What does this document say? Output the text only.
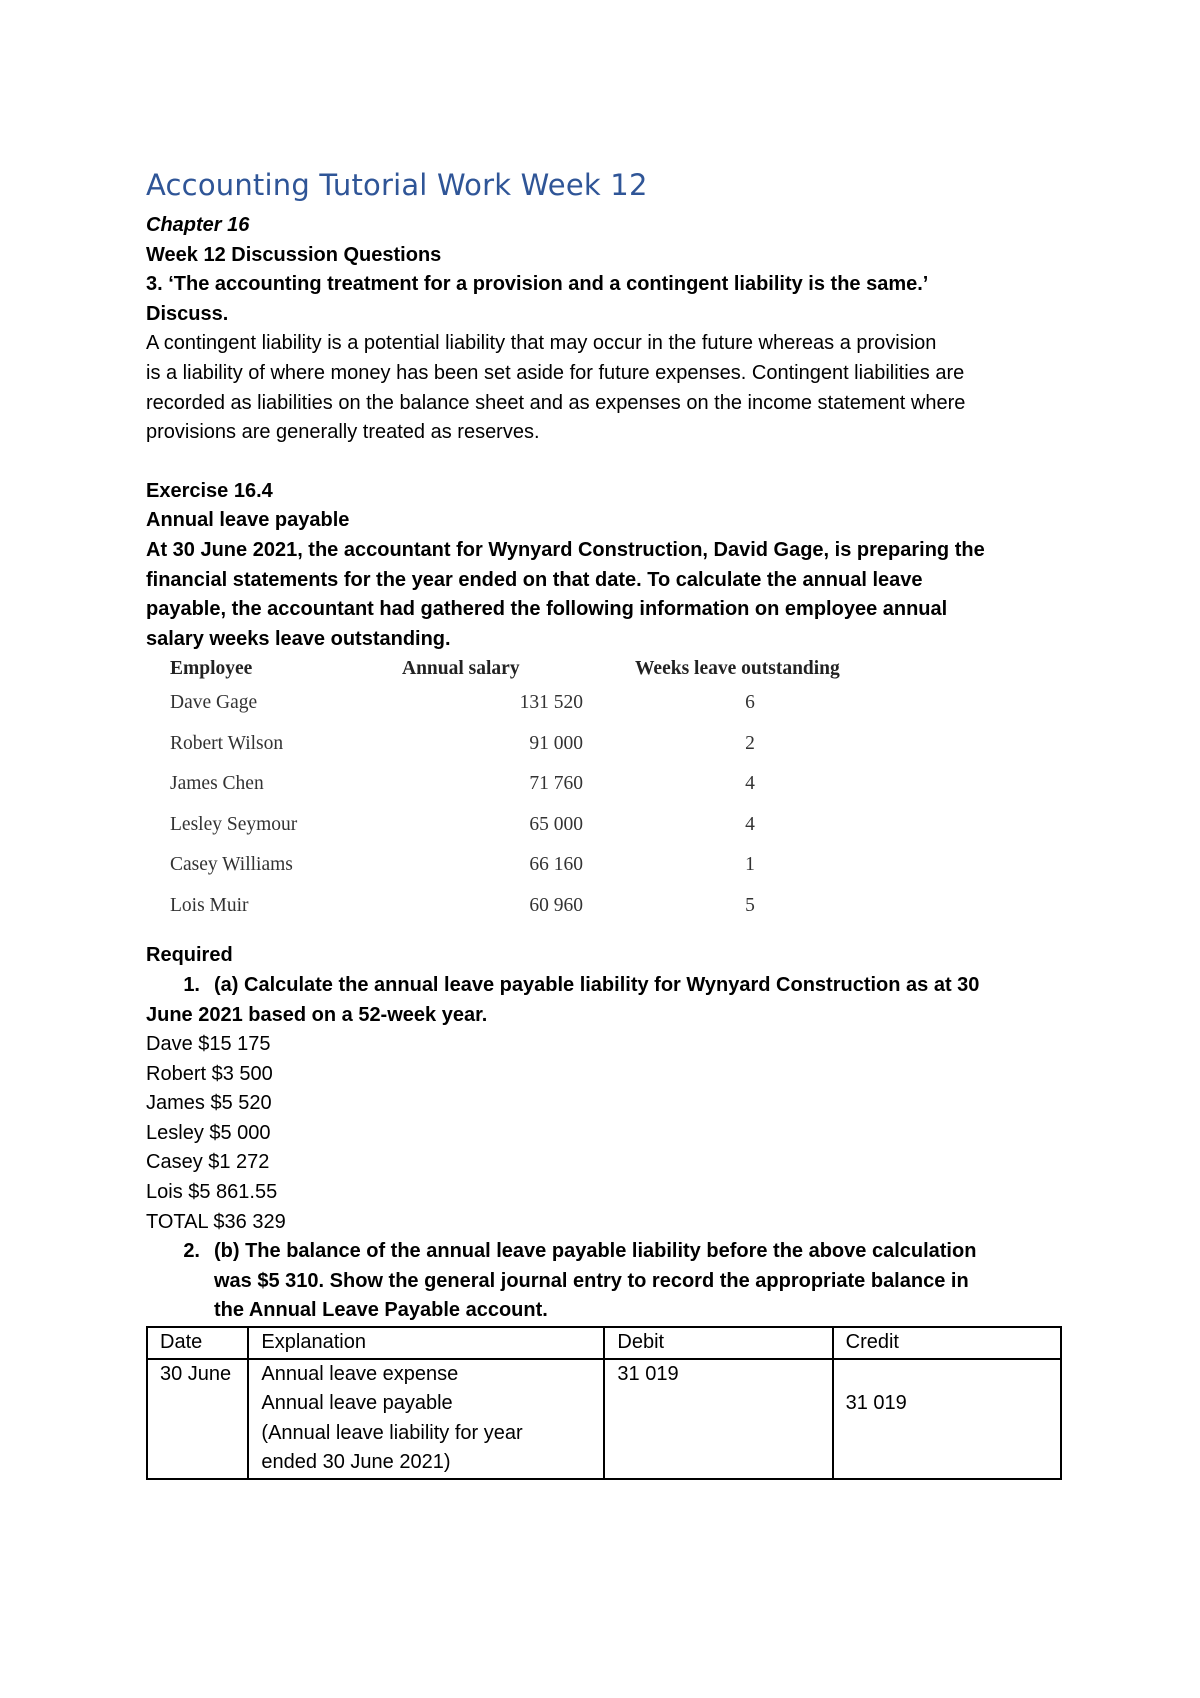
Accounting Tutorial Work Week 12

Chapter 16

Week 12 Discussion Questions

3. ‘The accounting treatment for a provision and a contingent liability is the same.’

Discuss.

A contingent liability is a potential liability that may occur in the future whereas a provision

is a liability of where money has been set aside for future expenses. Contingent liabilities are

recorded as liabilities on the balance sheet and as expenses on the income statement where

provisions are generally treated as reserves.

Exercise 16.4

Annual leave payable

At 30 June 2021, the accountant for Wynyard Construction, David Gage, is preparing the

financial statements for the year ended on that date. To calculate the annual leave

payable, the accountant had gathered the following information on employee annual

salary weeks leave outstanding.

Employee	Annual salary	Weeks leave outstanding
Dave Gage	131 520	6
Robert Wilson	91 000	2
James Chen	71 760	4
Lesley Seymour	65 000	4
Casey Williams	66 160	1
Lois Muir	60 960	5

Required

1. (a) Calculate the annual leave payable liability for Wynyard Construction as at 30

June 2021 based on a 52-week year.

Dave $15 175

Robert $3 500

James $5 520

Lesley $5 000

Casey $1 272

Lois $5 861.55

TOTAL $36 329

2. (b) The balance of the annual leave payable liability before the above calculation
was $5 310. Show the general journal entry to record the appropriate balance in
the Annual Leave Payable account.
Date	Explanation	Debit	Credit
30 June	Annual leave expense
Annual leave payable
(Annual leave liability for year
ended 30 June 2021)	31 019	31 019
